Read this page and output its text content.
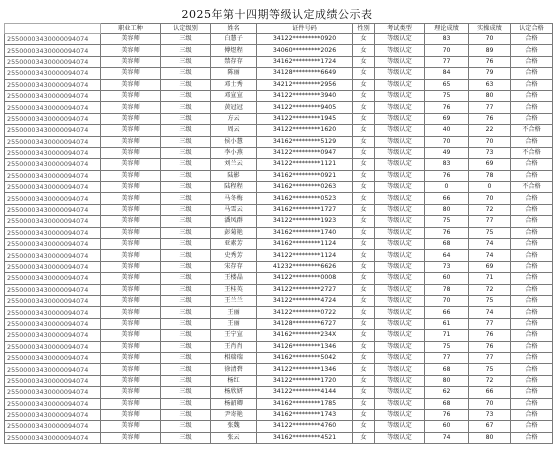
2025年第十四期等级认定成绩公示表
	职业工种	认定级别	姓名	证件号码	性别	考试类型	理论成绩	实操成绩	认定合格
25500003430000094074	美容师	三级	白慧子	34122*********0920	女	等级认定	83	70	合格
25500003430000094074	美容师	三级	傅煜程	34060*********2026	女	等级认定	70	89	合格
25500003430000094074	美容师	三级	禁存存	34162*********1724	女	等级认定	77	76	合格
25500003430000094074	美容师	三级	陈丽	34128*********6649	女	等级认定	84	79	合格
25500003430000094074	美容师	三级	邓士秀	34212*********2956	女	等级认定	65	63	合格
25500003430000094074	美容师	三级	邓宣宣	34122*********3940	女	等级认定	75	80	合格
25500003430000094074	美容师	三级	黄冠冠	34122*********9405	女	等级认定	76	77	合格
25500003430000094074	美容师	三级	方云	34122*********1945	女	等级认定	69	76	合格
25500003430000094074	美容师	三级	周云	34122*********1620	女	等级认定	40	22	不合格
25500003430000094074	美容师	三级	侯小慧	34162*********5129	女	等级认定	70	70	合格
25500003430000094074	美容师	三级	李小燕	34122*********0947	女	等级认定	49	73	不合格
25500003430000094074	美容师	三级	刘兰云	34122*********1121	女	等级认定	83	69	合格
25500003430000094074	美容师	三级	陆影	34162*********0921	女	等级认定	76	78	合格
25500003430000094074	美容师	三级	陆程程	34162*********0263	女	等级认定	0	0	不合格
25500003430000094074	美容师	三级	马冬梅	34162*********0523	女	等级认定	66	70	合格
25500003430000094074	美容师	三级	马雪云	34162*********1727	女	等级认定	80	72	合格
25500003430000094074	美容师	三级	潘凤群	34122*********1923	女	等级认定	75	77	合格
25500003430000094074	美容师	三级	彭菊艳	34162*********1740	女	等级认定	76	75	合格
25500003430000094074	美容师	三级	亚素芳	34162*********1124	女	等级认定	68	74	合格
25500003430000094074	美容师	三级	史秀芳	34122*********1124	女	等级认定	64	74	合格
25500003430000094074	美容师	三级	宋存存	41232*********6626	女	等级认定	73	69	合格
25500003430000094074	美容师	三级	王楼晶	34122*********0008	女	等级认定	60	71	合格
25500003430000094074	美容师	三级	王桂英	34122*********2727	女	等级认定	78	72	合格
25500003430000094074	美容师	三级	王兰兰	34122*********4724	女	等级认定	70	75	合格
25500003430000094074	美容师	三级	王丽	34122*********0722	女	等级认定	66	74	合格
25500003430000094074	美容师	三级	王丽	34128*********6727	女	等级认定	61	77	合格
25500003430000094074	美容师	三级	王宁宣	34162*********234X	女	等级认定	71	76	合格
25500003430000094074	美容师	三级	王肖肖	34126*********1346	女	等级认定	75	76	合格
25500003430000094074	美容师	三级	相瑞瑞	34162*********5042	女	等级认定	77	77	合格
25500003430000094074	美容师	三级	徐清碧	34122*********1346	女	等级认定	68	75	合格
25500003430000094074	美容师	三级	杨红	34122*********1720	女	等级认定	80	72	合格
25500003430000094074	美容师	三级	杨欣妍	34122*********4144	女	等级认定	62	66	合格
25500003430000094074	美容师	三级	杨韶卿	34162*********1785	女	等级认定	68	70	合格
25500003430000094074	美容师	三级	尹寄艳	34162*********1743	女	等级认定	76	73	合格
25500003430000094074	美容师	三级	张魏	34122*********4760	女	等级认定	60	67	合格
25500003430000094074	美容师	三级	张云	34162*********4521	女	等级认定	74	80	合格
